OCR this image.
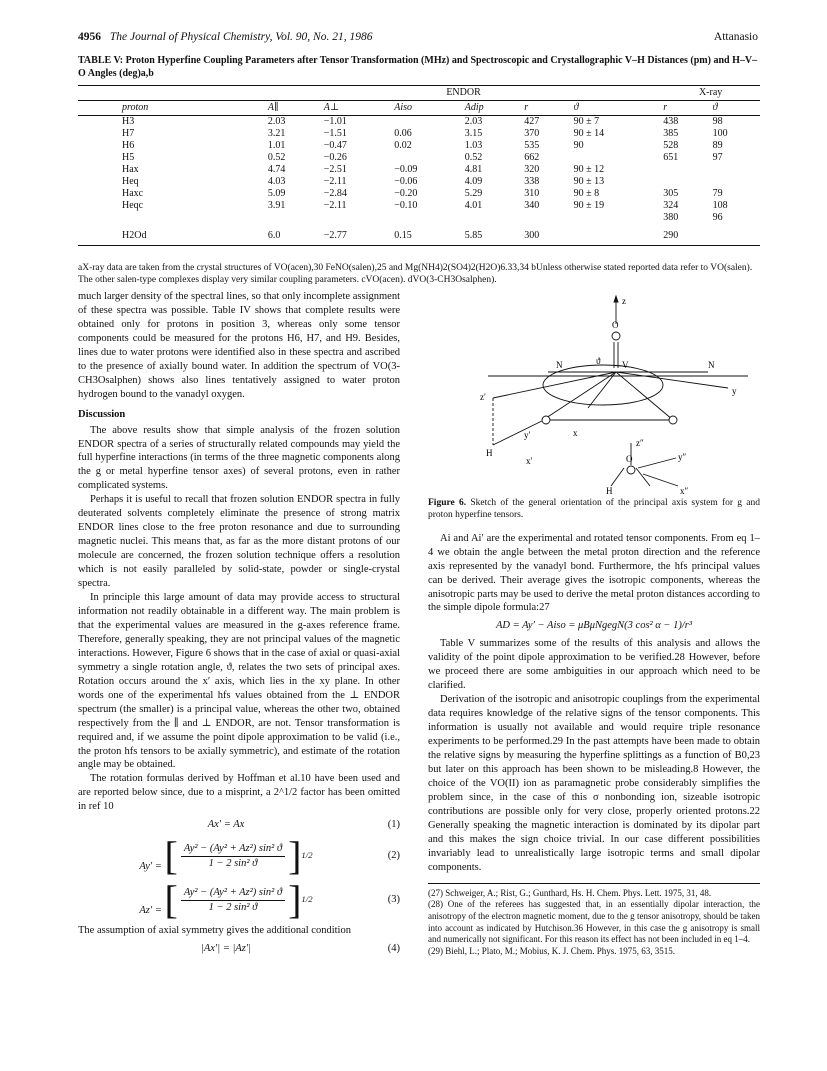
4956 The Journal of Physical Chemistry, Vol. 90, No. 21, 1986	Attanasio
TABLE V: Proton Hyperfine Coupling Parameters after Tensor Transformation (MHz) and Spectroscopic and Crystallographic V–H Distances (pm) and H–V–O Angles (deg)a,b
	ENDOR						X-ray	
proton	A∥	A⊥	Aiso	Adip	r	ϑ	r	ϑ
H3	2.03	−1.01		2.03	427	90 ± 7	438	98
H7	3.21	−1.51	0.06	3.15	370	90 ± 14	385	100
H6	1.01	−0.47	0.02	1.03	535	90	528	89
H5	0.52	−0.26		0.52	662		651	97
Hax	4.74	−2.51	−0.09	4.81	320	90 ± 12		
Heq	4.03	−2.11	−0.06	4.09	338	90 ± 13		
Haxc	5.09	−2.84	−0.20	5.29	310	90 ± 8	305	79
Heqc	3.91	−2.11	−0.10	4.01	340	90 ± 19	324	108
							380	96
H2Od	6.0	−2.77	0.15	5.85	300		290	
aX-ray data are taken from the crystal structures of VO(acen),30 FeNO(salen),25 and Mg(NH4)2(SO4)2(H2O)6.33,34 bUnless otherwise stated reported data refer to VO(salen). The other salen-type complexes display very similar coupling parameters. cVO(acen). dVO(3-CH3Osalphen).

much larger density of the spectral lines, so that only incomplete assignment of these spectra was possible. Table IV shows that complete results were obtained only for protons in position 3, whereas only some tensor components could be measured for the protons H6, H7, and H9. Besides, lines due to water protons were identified also in these spectra and ascribed to the presence of axially bound water. In addition the spectrum of VO(3-CH3Osalphen) shows also lines tentatively assigned to water proton hydrogen bound to the vanadyl oxygen.

Discussion

The above results show that simple analysis of the frozen solution ENDOR spectra of a series of structurally related compounds may yield the full hyperfine interactions (in terms of the three magnetic components along the g or metal hyperfine tensor axes) of several protons, even in rather complicated systems.

Perhaps it is useful to recall that frozen solution ENDOR spectra in fully deuterated solvents completely eliminate the presence of strong matrix ENDOR lines close to the free proton resonance and due to surrounding magnetic nuclei. This means that, as far as the more distant protons of our molecule are concerned, the frozen solution technique offers a resolution which is not easily paralleled by solid-state, powder or single-crystal spectra.

In principle this large amount of data may provide access to structural information not readily obtainable in a different way. The main problem is that the experimental values are measured in the g-axes reference frame. Therefore, generally speaking, they are not principal values of the magnetic interactions. However, Figure 6 shows that in the case of axial or quasi-axial symmetry a single rotation angle, ϑ, relates the two sets of principal axes. Rotation occurs around the x′ axis, which lies in the xy plane. In other words one of the experimental hfs values obtained from the ⊥ ENDOR spectrum (the smaller) is a principal value, whereas the other two, obtained respectively from the ∥ and ⊥ ENDOR, are not. Tensor transformation is required and, if we assume the point dipole approximation to be valid (i.e., the proton hfs tensors to be axially symmetric), and estimate of the rotation angle may be obtained.

The rotation formulas derived by Hoffman et al.10 have been used and are reported below since, due to a misprint, a 2^1/2 factor has been omitted in ref 10

Ax′ = Ax	(1)
Ay′ = [ $\frac{\text{Ay² − (Ay² + Az²) sin² ϑ}}{\text{1 − 2 sin² ϑ}}$ ] 1/2	(2)
Az′ = [ $\frac{\text{Ay² − (Ay² + Az²) sin² ϑ}}{\text{1 − 2 sin² ϑ}}$ ] 1/2	(3)

The assumption of axial symmetry gives the additional condition

|Ax′| = |Az′|	(4)
z
O
N	V	N
y
z′
ϑ
y′	x
H
x′
z″
y″
O
H	x″
Figure 6. Sketch of the general orientation of the principal axis system for g and proton hyperfine tensors.

Ai and Ai′ are the experimental and rotated tensor components. From eq 1–4 we obtain the angle between the metal proton direction and the reference axis represented by the vanadyl bond. Furthermore, the hfs principal values can be derived. Their average gives the isotropic components, whereas the anisotropic parts may be used to derive the metal proton distances according to the simple dipole formula:27

AD = Ay′ − Aiso = μBμNgegN(3 cos² α − 1)/r³

Table V summarizes some of the results of this analysis and allows the validity of the point dipole approximation to be verified.28 However, before we proceed there are some ambiguities in our approach which need to be clarified.

Derivation of the isotropic and anisotropic couplings from the experimental data requires knowledge of the relative signs of the tensor components. This information is usually not available and would require triple resonance experiments to be performed.29 In the past attempts have been made to obtain the relative signs by measuring the hyperfine splittings as a function of B0,23 but later on this approach has been shown to be misleading.8 However, the choice of the VO(II) ion as paramagnetic probe considerably simplifies the problem since, in the case of this σ nonbonding ion, sizeable isotropic contributions are possible only for very close, properly oriented protons.22 Generally speaking the magnetic interaction is dominated by its dipolar part and this makes the sign choice trivial. In our case different possibilities invariably lead to unrealistically large isotropic terms and small dipolar components.

(27) Schweiger, A.; Rist, G.; Gunthard, Hs. H. Chem. Phys. Lett. 1975, 31, 48.
(28) One of the referees has suggested that, in an essentially dipolar interaction, the anisotropy of the electron magnetic moment, due to the g tensor anisotropy, should be taken into account as indicated by Hutchison.36 However, in this case the g anisotropy is small and numerically not significant. For this reason its effect has not been included in eq 1–4.
(29) Biehl, L.; Plato, M.; Mobius, K. J. Chem. Phys. 1975, 63, 3515.
